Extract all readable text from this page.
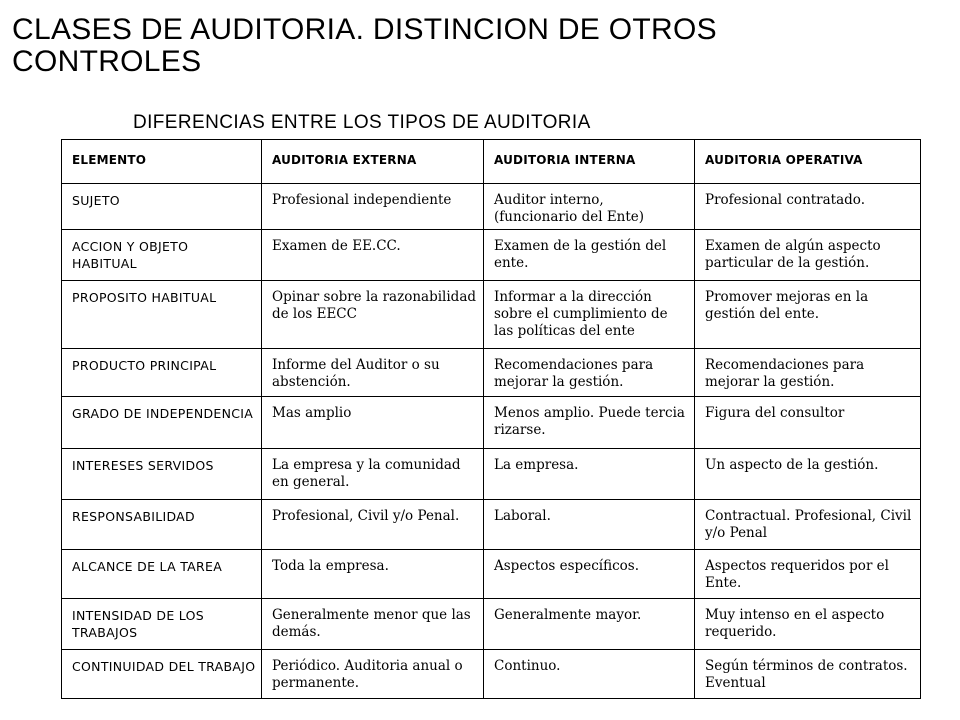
CLASES DE AUDITORIA. DISTINCION DE OTROS CONTROLES
DIFERENCIAS ENTRE LOS TIPOS DE AUDITORIA
ELEMENTO	AUDITORIA EXTERNA	AUDITORIA INTERNA	AUDITORIA OPERATIVA
SUJETO	Profesional independiente	Auditor interno, (funcionario del Ente)	Profesional contratado.
ACCION Y OBJETO HABITUAL	Examen de EE.CC.	Examen de la gestión del ente.	Examen de algún aspecto particular de la gestión.
PROPOSITO HABITUAL	Opinar sobre la razonabilidad de los EECC	Informar a la dirección sobre el cumplimiento de las políticas del ente	Promover mejoras en la gestión del ente.
PRODUCTO PRINCIPAL	Informe del Auditor o su abstención.	Recomendaciones para mejorar la gestión.	Recomendaciones para mejorar la gestión.
GRADO DE INDEPENDENCIA	Mas amplio	Menos amplio. Puede tercia rizarse.	Figura del consultor
INTERESES SERVIDOS	La empresa y la comunidad en general.	La empresa.	Un aspecto de la gestión.
RESPONSABILIDAD	Profesional, Civil y/o Penal.	Laboral.	Contractual. Profesional, Civil y/o Penal
ALCANCE DE LA TAREA	Toda la empresa.	Aspectos específicos.	Aspectos requeridos por el Ente.
INTENSIDAD DE LOS TRABAJOS	Generalmente menor que las demás.	Generalmente mayor.	Muy intenso en el aspecto requerido.
CONTINUIDAD DEL TRABAJO	Periódico. Auditoria anual o permanente.	Continuo.	Según términos de contratos. Eventual
